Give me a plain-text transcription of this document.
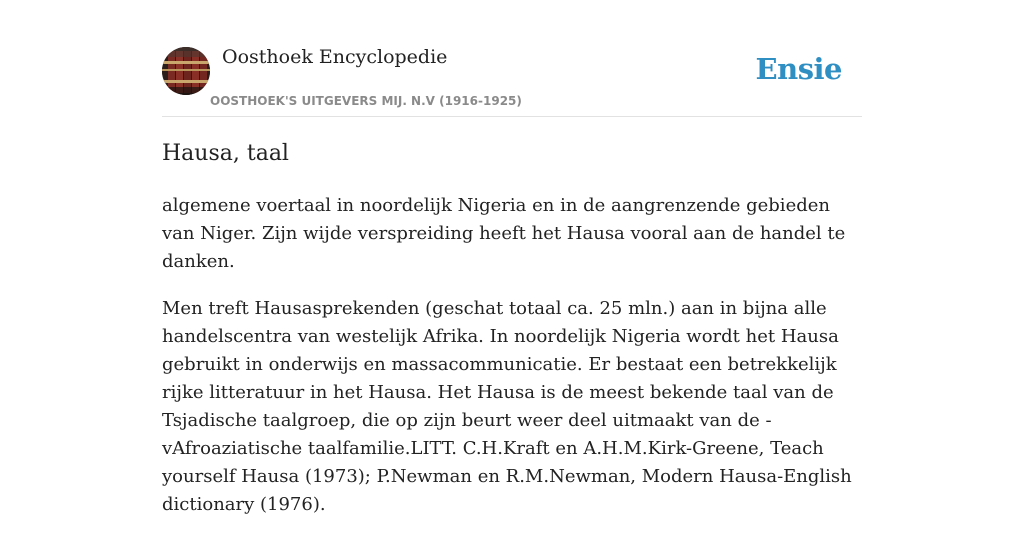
Oosthoek Encyclopedie
OOSTHOEK'S UITGEVERS MIJ. N.V (1916-1925)
Ensie
Hausa, taal

algemene voertaal in noordelijk Nigeria en in de aangrenzende gebieden van Niger. Zijn wijde verspreiding heeft het Hausa vooral aan de handel te danken.

Men treft Hausasprekenden (geschat totaal ca. 25 mln.) aan in bijna alle handelscentra van westelijk Afrika. In noordelijk Nigeria wordt het Hausa gebruikt in onderwijs en massacommunicatie. Er bestaat een betrekkelijk rijke litteratuur in het Hausa. Het Hausa is de meest bekende taal van de Tsjadische taalgroep, die op zijn beurt weer deel uitmaakt van de -vAfroaziatische taalfamilie.LITT. C.H.Kraft en A.H.M.Kirk-Greene, Teach yourself Hausa (1973); P.Newman en R.M.Newman, Modern Hausa-English dictionary (1976).
